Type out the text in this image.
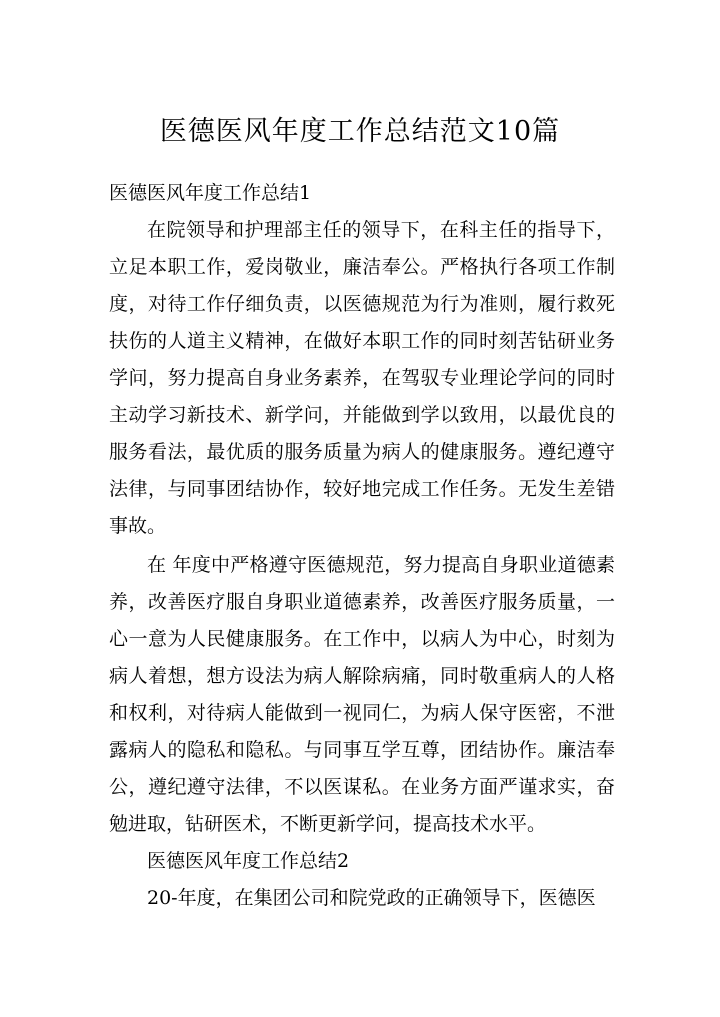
医德医风年度工作总结范文10篇

医德医风年度工作总结1

在院领导和护理部主任的领导下，在科主任的指导下，立足本职工作，爱岗敬业，廉洁奉公。严格执行各项工作制度，对待工作仔细负责，以医德规范为行为准则，履行救死扶伤的人道主义精神，在做好本职工作的同时刻苦钻研业务学问，努力提高自身业务素养，在驾驭专业理论学问的同时主动学习新技术、新学问，并能做到学以致用，以最优良的服务看法，最优质的服务质量为病人的健康服务。遵纪遵守法律，与同事团结协作，较好地完成工作任务。无发生差错事故。

在 年度中严格遵守医德规范，努力提高自身职业道德素养，改善医疗服自身职业道德素养，改善医疗服务质量，一心一意为人民健康服务。在工作中，以病人为中心，时刻为病人着想，想方设法为病人解除病痛，同时敬重病人的人格和权利，对待病人能做到一视同仁，为病人保守医密，不泄露病人的隐私和隐私。与同事互学互尊，团结协作。廉洁奉公，遵纪遵守法律，不以医谋私。在业务方面严谨求实，奋勉进取，钻研医术，不断更新学问，提高技术水平。

医德医风年度工作总结2

20-年度，在集团公司和院党政的正确领导下，医德医
